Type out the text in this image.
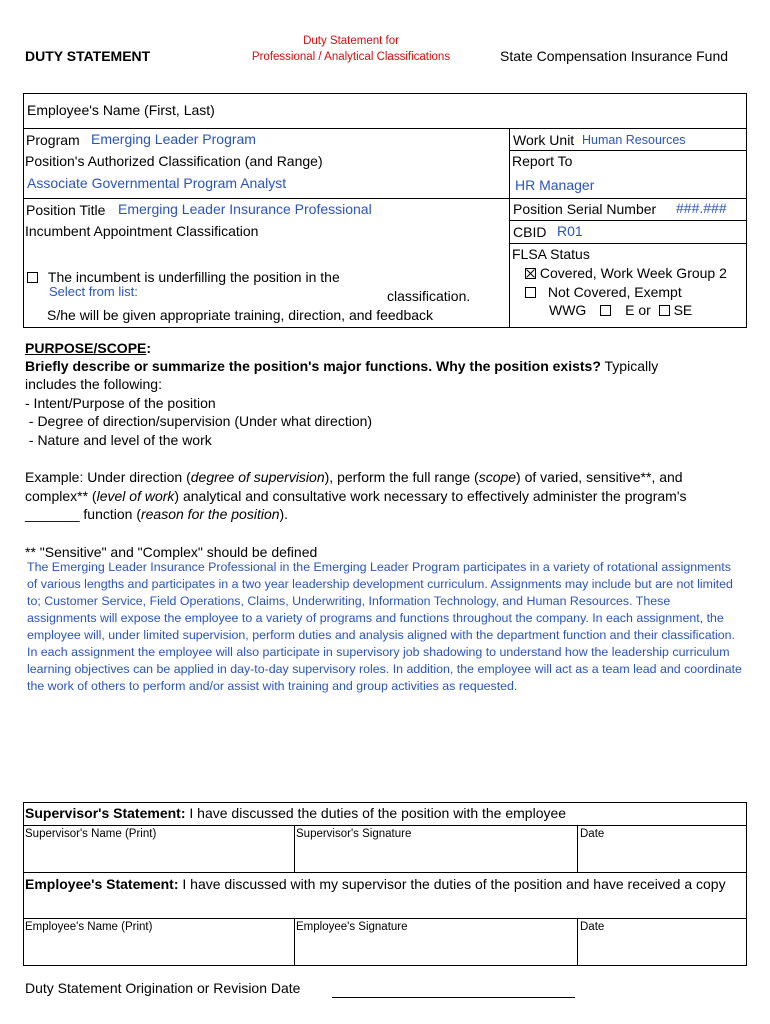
DUTY STATEMENT
Duty Statement for
Professional / Analytical Classifications	State Compensation Insurance Fund
Employee's Name (First, Last)
Program Emerging Leader Program	Work Unit Human Resources
Position's Authorized Classification (and Range)
Associate Governmental Program Analyst
Report To
HR Manager
Position Title Emerging Leader Insurance Professional	Position Serial Number ###.###
Incumbent Appointment Classification	CBID R01
FLSA Status
Covered, Work Week Group 2
Not Covered, Exempt
WWG	E or SE
The incumbent is underfilling the position in the
Select from list:	classification.
S/he will be given appropriate training, direction, and feedback
PURPOSE/SCOPE:
Briefly describe or summarize the position's major functions. Why the position exists? Typically
includes the following:
- Intent/Purpose of the position
- Degree of direction/supervision (Under what direction)
- Nature and level of the work
Example: Under direction (degree of supervision), perform the full range (scope) of varied, sensitive**, and
complex** (level of work) analytical and consultative work necessary to effectively administer the program's
_______ function (reason for the position).
** "Sensitive" and "Complex" should be defined
The Emerging Leader Insurance Professional in the Emerging Leader Program participates in a variety of rotational assignments of various lengths and participates in a two year leadership development curriculum. Assignments may include but are not limited to; Customer Service, Field Operations, Claims, Underwriting, Information Technology, and Human Resources. These assignments will expose the employee to a variety of programs and functions throughout the company. In each assignment, the employee will, under limited supervision, perform duties and analysis aligned with the department function and their classification. In each assignment the employee will also participate in supervisory job shadowing to understand how the leadership curriculum learning objectives can be applied in day-to-day supervisory roles. In addition, the employee will act as a team lead and coordinate the work of others to perform and/or assist with training and group activities as requested.
Supervisor's Statement: I have discussed the duties of the position with the employee
Supervisor's Name (Print)	Supervisor's Signature	Date
Employee's Statement: I have discussed with my supervisor the duties of the position and have received a copy
Employee's Name (Print)	Employee's Signature	Date
Duty Statement Origination or Revision Date
